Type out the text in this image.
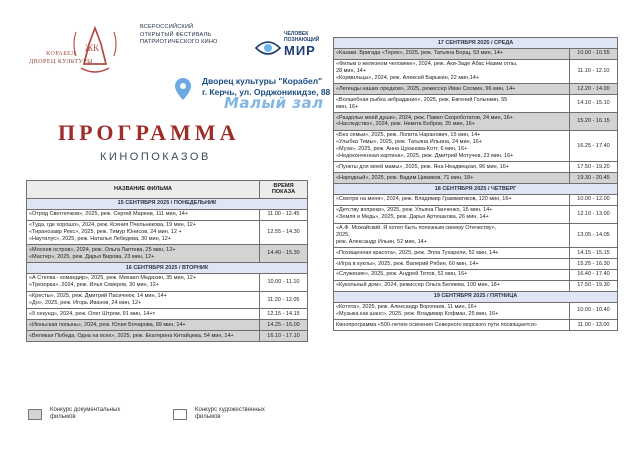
ЖК
КОРАБЕЛ
ДВОРЕЦ КУЛЬТУРЫ
ВСЕРОССИЙСКИЙ
ОТКРЫТЫЙ ФЕСТИВАЛЬ
ПАТРИОТИЧЕСКОГО КИНО
ЧЕЛОВЕК
ПОЗНАЮЩИЙ
МИР
Дворец культуры "Корабел"
г. Керчь, ул. Орджоникидзе, 88
Малый зал
ПРОГРАММА
КИНОПОКАЗОВ
НАЗВАНИЕ ФИЛЬМА	ВРЕМЯ
ПОКАЗА
15 СЕНТЯБРЯ 2025 / ПОНЕДЕЛЬНИК	

«Отряд Светлячков», 2025, реж. Сергей Мареев, 111 мин, 14+	11.00 - 12.45

«Туда, где хорошо», 2024, реж. Ксения Пчельникова, 19 мин, 12+
«Тиранозавр Рекс», 2025, реж. Тимур Юнисов, 24 мин. 12 +
«Наутилус», 2025, реж. Наталья Лебедева, 30 мин, 12+	12.55 - 14.30

«Мосеев остров», 2024, реж. Ольга Лаптева, 25 мин, 12+
«Мастер», 2025, реж. Дарья Вирова, 23 мин, 12+	14.40 - 15.30
16 СЕНТЯБРЯ 2025 / ВТОРНИК	

«А Степка - командир», 2025, реж. Михаил Медахин, 35 мин, 12+
«Трезорка», 2024, реж. Илья Северов, 30 мин, 12+	10.00 - 11.10

«Кресты», 2025, реж. Дмитрий Пасичнюк, 14 мин, 14+
«До», 2025, реж. Игорь Иванов, 24 мин, 12+	11.20 - 12.05

«9 секунд», 2024, реж. Олег Штром, 91 мин, 14+т	12.15 - 14.15

«Июньская полынь», 2024, реж. Юлия Бочарова, 89 мин, 14+	14.25 - 16.00

«Великая Победа. Одна на всех», 2025, реж. Екатерина Китайцева, 54 мин, 14+	16.10 - 17.10
17 СЕНТЯБРЯ 2025 / СРЕДА	

«Казаки. Бригада «Терек», 2025, реж. Татьяна Борщ, 53 мин, 14+	10.00 - 10.55

«Фильм о железном человеке», 2024, реж. Аки-Заде Абас Назим оглы,
28 мин, 14+
«Кормильцы», 2024, реж. Алексей Барыкин, 22 мин,14+	11.10 - 12.10

«Легенды наших предков», 2025, режиссер Иван Сосмин, 96 мин, 14+	12.20 - 14.00

«Волшебная рыбка зебраданио», 2025, реж. Евгений Голынкин, 55
мин, 16+	14.10 - 15.10

«Раздолье моей души», 2024, реж. Павел Скороботатов, 24 мин, 16+
«Наследство», 2024, реж. Никита Бобров, 25 мин, 16+	15.20 - 16.15

«Без семьи», 2025, реж. Лолита Наранович, 15 мин, 14+
«Улыбка Тимы», 2025, реж. Татьяна Ильина, 24 мин, 16+
«Муза», 2025, реж. Анна Цуканова-Котт, 6 мин, 16+
«Недоконченная картина», 2025, реж. Дмитрий Мотучев, 23 мин, 16+	16.25 - 17.40

«Пункты для моей мамы», 2025, реж. Яна Неадвецкая, 96 мин, 16+	17.50 - 19.20

«Народный», 2025, реж. Вадим Цимиков, 71 мин, 18+	19.30 - 20.45
18 СЕНТЯБРЯ 2025 / ЧЕТВЕРГ	

«Смотри на меня», 2024, реж. Владимир Грамматиков, 120 мин, 16+	10.00 - 12.00

«Детству вопреки», 2025, реж. Ульяна Панченко, 15 мин, 14+
«Земля и Медь», 2025, реж. Дарья Артюшкова, 26 мин, 14+	12.10 - 13.00

«А.Ф. Можайский. Я хотел быть полезным своему Отечеству»,
2025,
реж. Александр Ильин, 52 мин, 14+	13.05 - 14.05

«Похищенная красота», 2025, реж. Элла Тухарели, 52 мин, 14+	14.15 - 15.15

«Игра в куклы», 2025, реж. Валерий Рябин, 60 мин, 14+	15.25 - 16.30

«Служение», 2025, реж. Андрей Титов, 52 мин, 16+	16.40 - 17.40

«Кукольный дом», 2024, режиссер Ольга Беляева, 100 мин, 18+	17.50 - 19.30
19 СЕНТЯБРЯ 2025 / ПЯТНИЦА	

«Котята», 2025, реж. Александр Воропаев, 11 мин, 16+
«Музыка как шанс», 2025, реж. Владимир Кофман, 25 мин, 16+	10.00 - 10.40

Кинопрограмма «500-летию освоения Северного морского пути посвящается»	11.00 - 13.00
Конкурс документальных
фильмов
Конкурс художественных
фильмов
